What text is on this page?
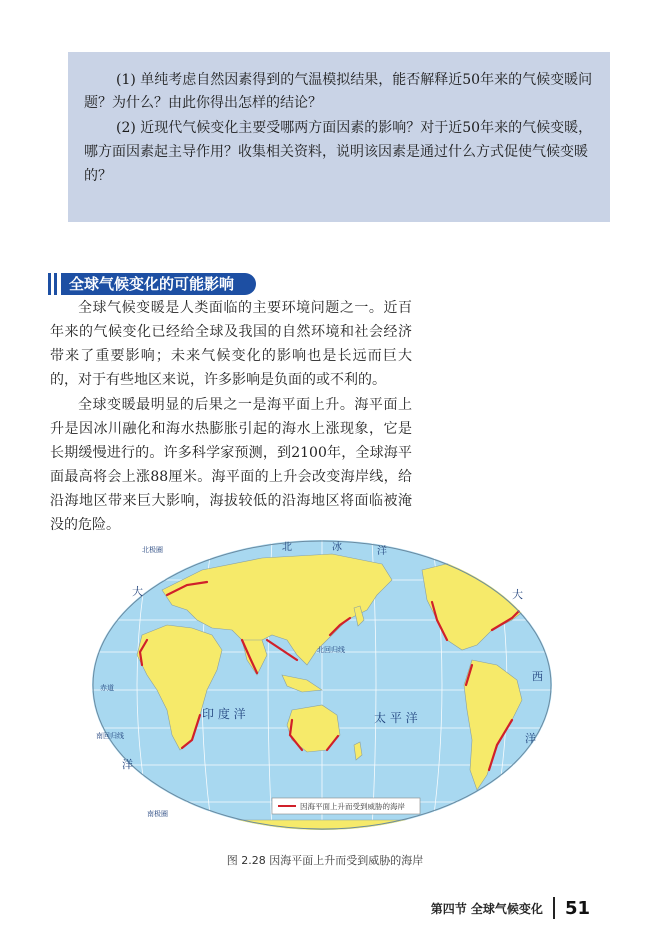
(1) 单纯考虑自然因素得到的气温模拟结果，能否解释近50年来的气候变暖问

题？为什么？由此你得出怎样的结论？

(2) 近现代气候变化主要受哪两方面因素的影响？对于近50年来的气候变暖，

哪方面因素起主导作用？收集相关资料，说明该因素是通过什么方式促使气候变暖

的？

全球气候变化的可能影响

全球气候变暖是人类面临的主要环境问题之一。近百年来的气候变化已经给全球及我国的自然环境和社会经济带来了重要影响；未来气候变化的影响也是长远而巨大的，对于有些地区来说，许多影响是负面的或不利的。

全球变暖最明显的后果之一是海平面上升。海平面上升是因冰川融化和海水热膨胀引起的海水上涨现象，它是长期缓慢进行的。许多科学家预测，到2100年，全球海平面最高将会上涨88厘米。海平面的上升会改变海岸线，给沿海地区带来巨大影响，海拔较低的沿海地区将面临被淹没的危险。

北极圈	北	冰	洋
大	大
西
赤道
北回归线
南回归线
南极圈
印 度 洋	太 平 洋
洋
洋
因海平面上升而受到威胁的海岸
图 2.28 因海平面上升而受到威胁的海岸
第四节 全球气候变化 51
